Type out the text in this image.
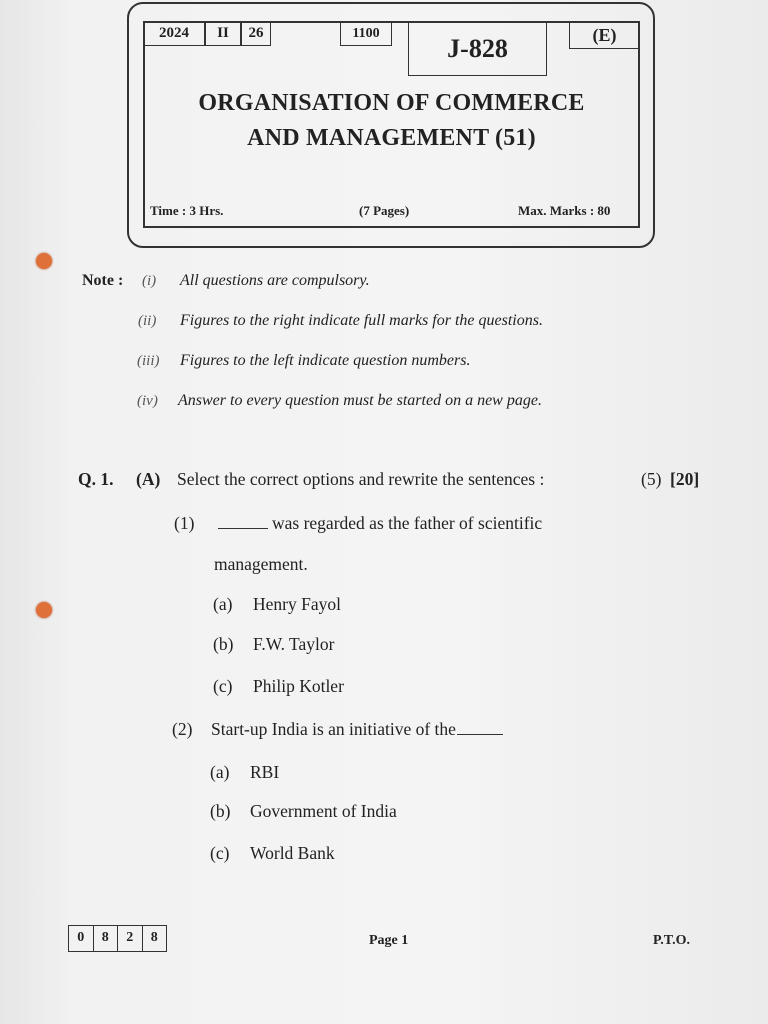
2024	II	26	1100
J-828	(E)
ORGANISATION OF COMMERCE
AND MANAGEMENT (51)
Time : 3 Hrs.	(7 Pages)	Max. Marks : 80
Note : (i) All questions are compulsory.
(ii) Figures to the right indicate full marks for the questions.
(iii) Figures to the left indicate question numbers.
(iv) Answer to every question must be started on a new page.
Q. 1. (A) Select the correct options and rewrite the sentences :	(5) [20]
(1)	was regarded as the father of scientific
management.
(a) Henry Fayol
(b) F.W. Taylor
(c) Philip Kotler
(2) Start-up India is an initiative of the
(a) RBI
(b) Government of India
(c) World Bank
0	8	2	8	Page 1	P.T.O.
